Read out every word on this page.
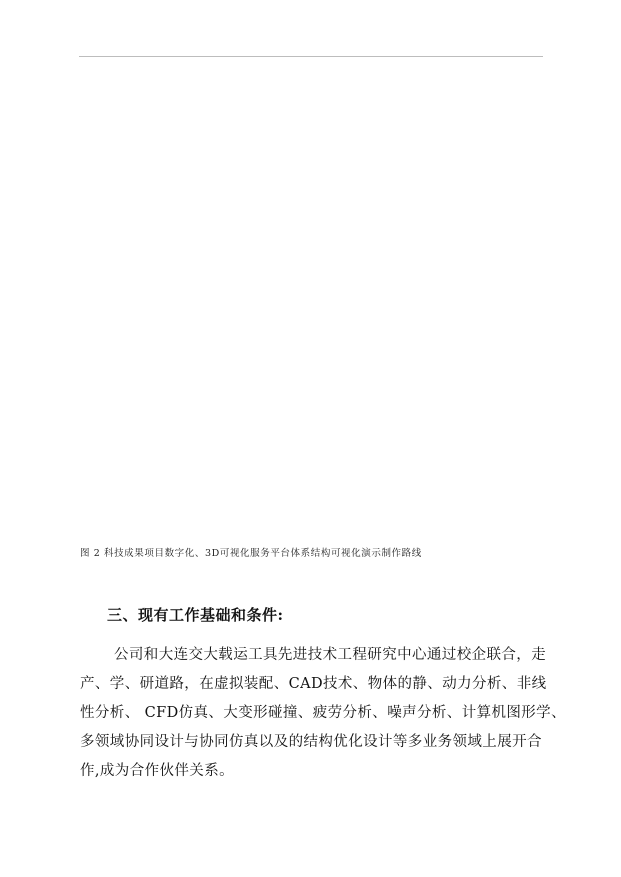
图 2 科技成果项目数字化、3D可视化服务平台体系结构可视化演示制作路线
三、现有工作基础和条件:
公司和大连交大载运工具先进技术工程研究中心通过校企联合，走
产、学、研道路，在虚拟装配、CAD技术、物体的静、动力分析、非线
性分析、 CFD仿真、大变形碰撞、疲劳分析、噪声分析、计算机图形学、
多领域协同设计与协同仿真以及的结构优化设计等多业务领域上展开合
作,成为合作伙伴关系。
